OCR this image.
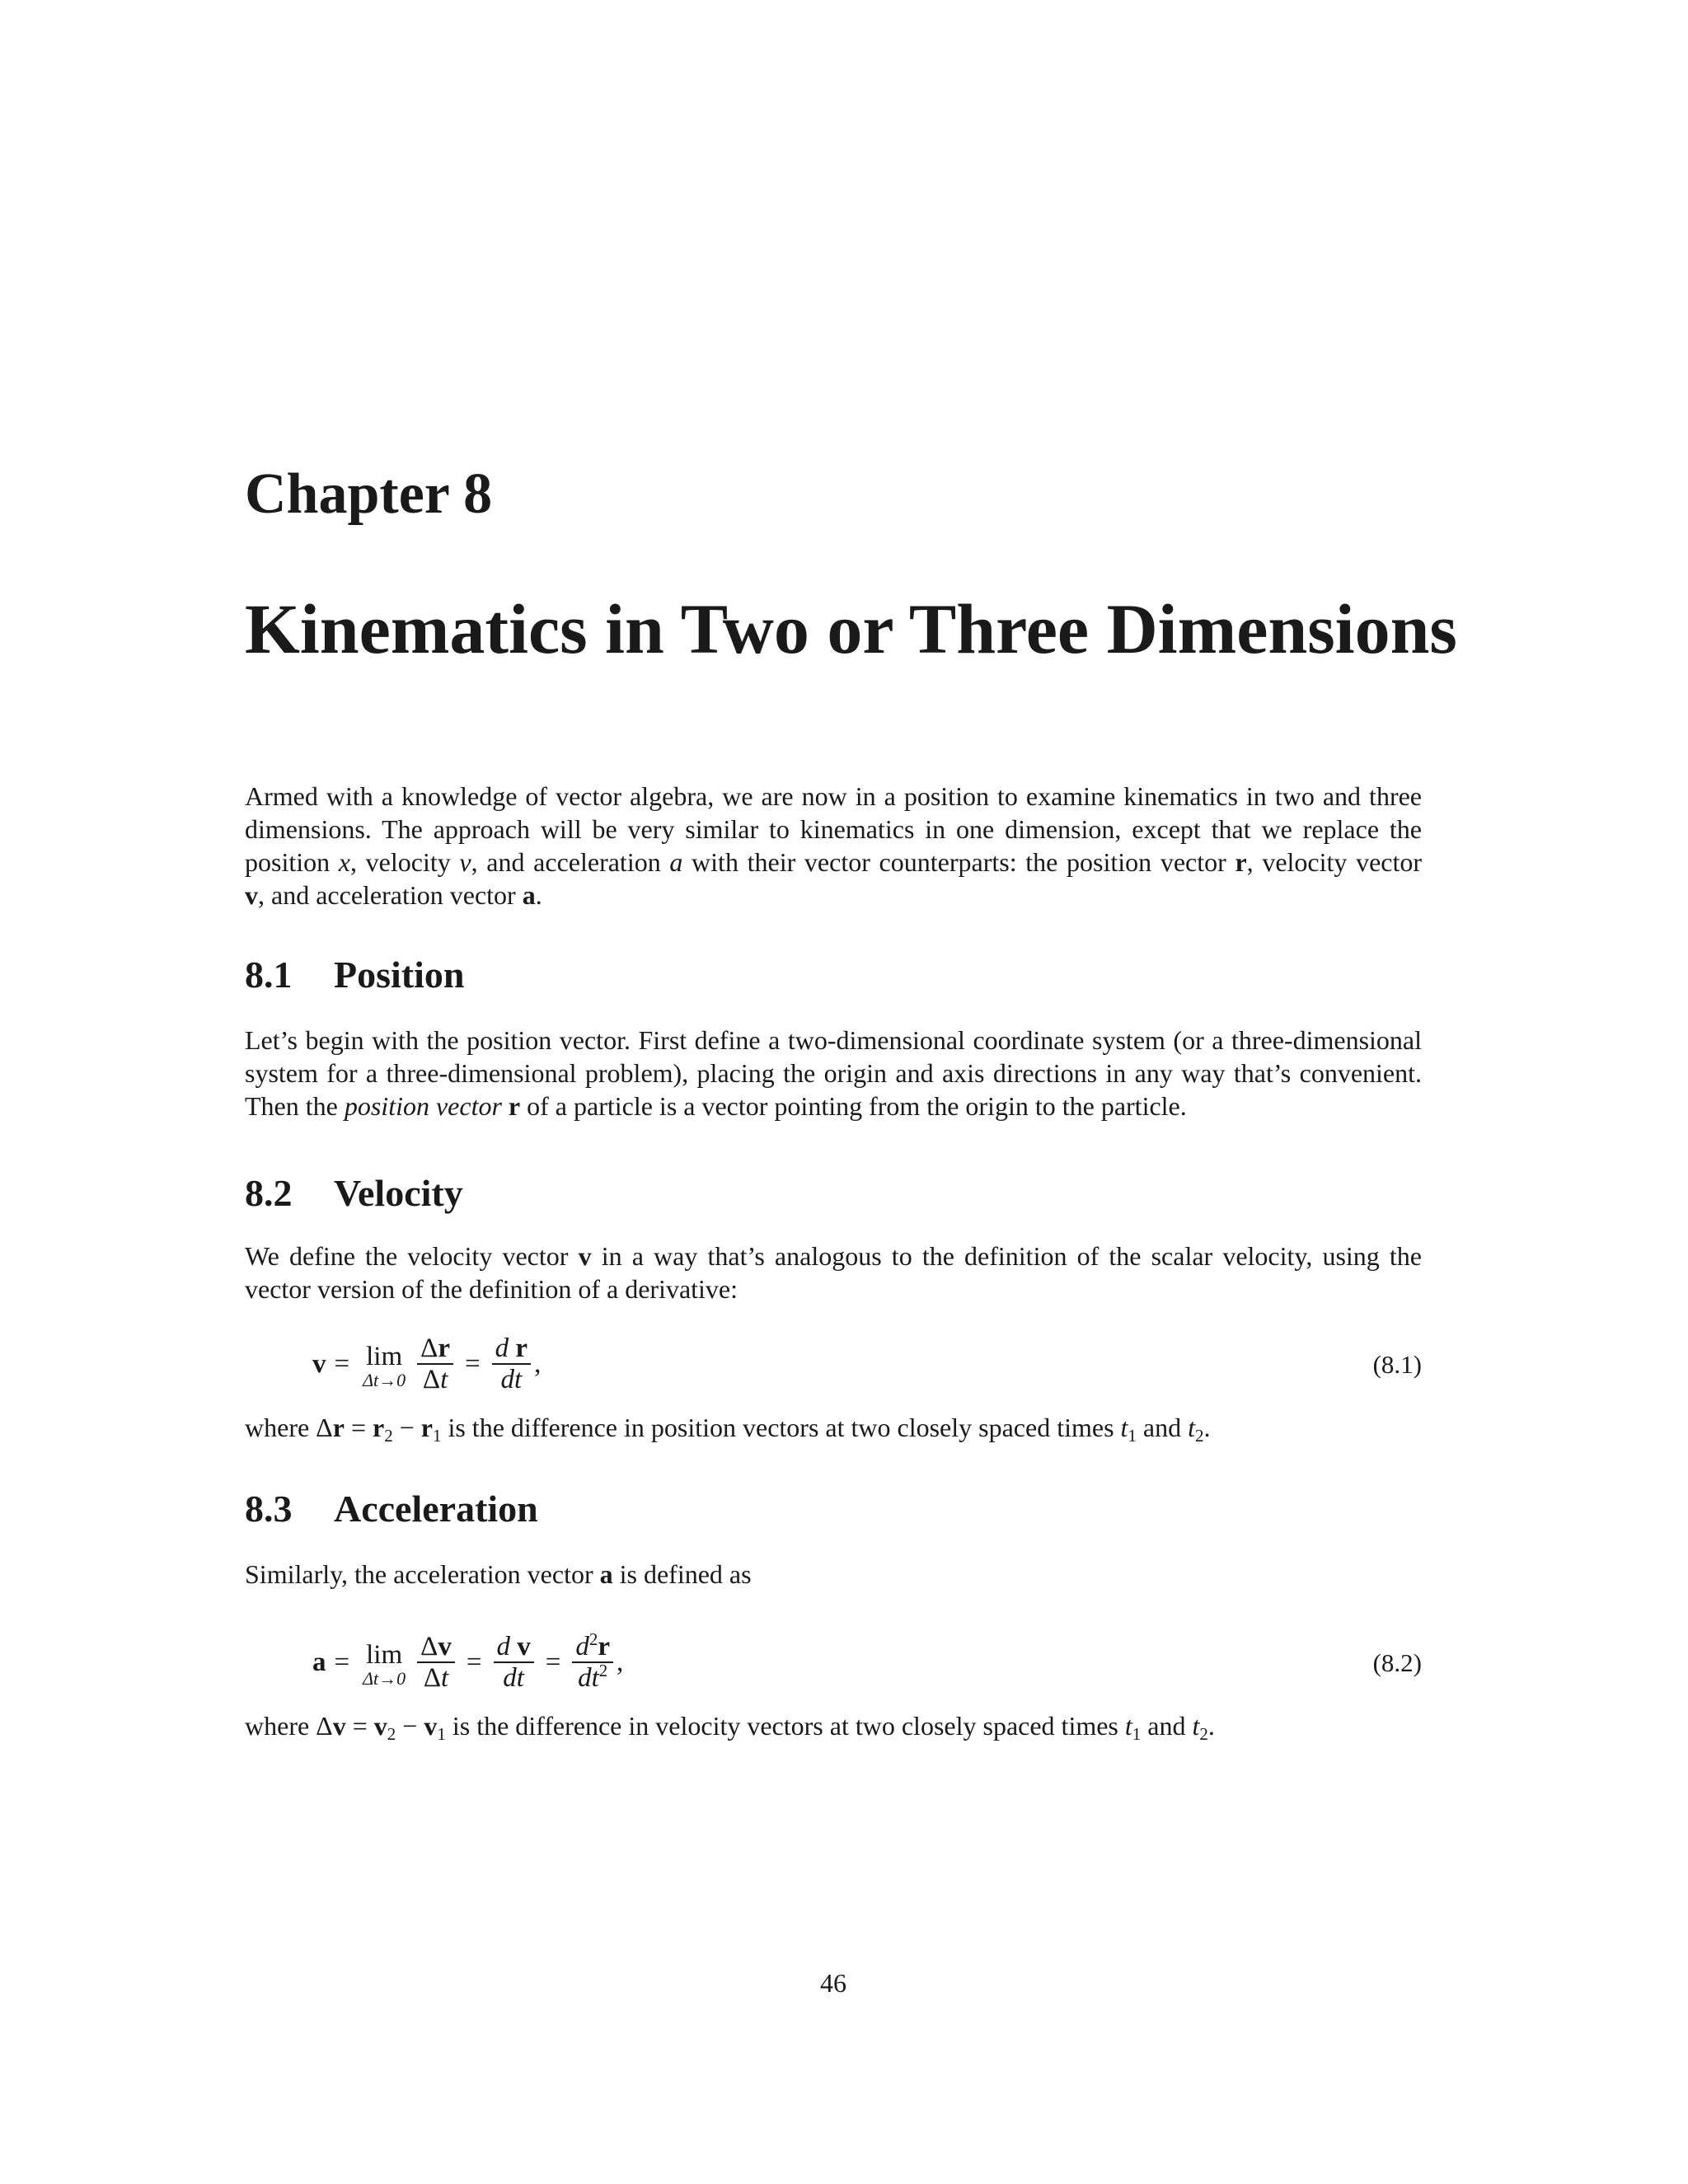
Chapter 8
Kinematics in Two or Three Dimensions
Armed with a knowledge of vector algebra, we are now in a position to examine kinematics in two and three
dimensions. The approach will be very similar to kinematics in one dimension, except that we replace the
position x, velocity v, and acceleration a with their vector counterparts: the position vector r, velocity vector
v, and acceleration vector a.
8.1 Position
Let’s begin with the position vector. First define a two-dimensional coordinate system (or a three-dimensional
system for a three-dimensional problem), placing the origin and axis directions in any way that’s convenient.
Then the position vector r of a particle is a vector pointing from the origin to the particle.
8.2 Velocity
We define the velocity vector v in a way that’s analogous to the definition of the scalar velocity, using the
vector version of the definition of a derivative:
v = lim
$\Delta t\to 0 \frac{\Delta r}{\Delta t} = \frac{\text{d r}}{dt}$ ,	(8.1)
where $\Delta r = r_2 - r_1$ is the difference in position vectors at two closely spaced times $t_1$ and $t_2$.
8.3 Acceleration
Similarly, the acceleration vector a is defined as
a = lim
$\Delta t\to 0 \frac{\Delta v}{\Delta t} = \frac{\text{d v}}{dt} = \frac{d^2r}{dt^2}$ ,	(8.2)
where $\Delta v = v_2 - v_1$ is the difference in velocity vectors at two closely spaced times $t_1$ and $t_2$.
46
